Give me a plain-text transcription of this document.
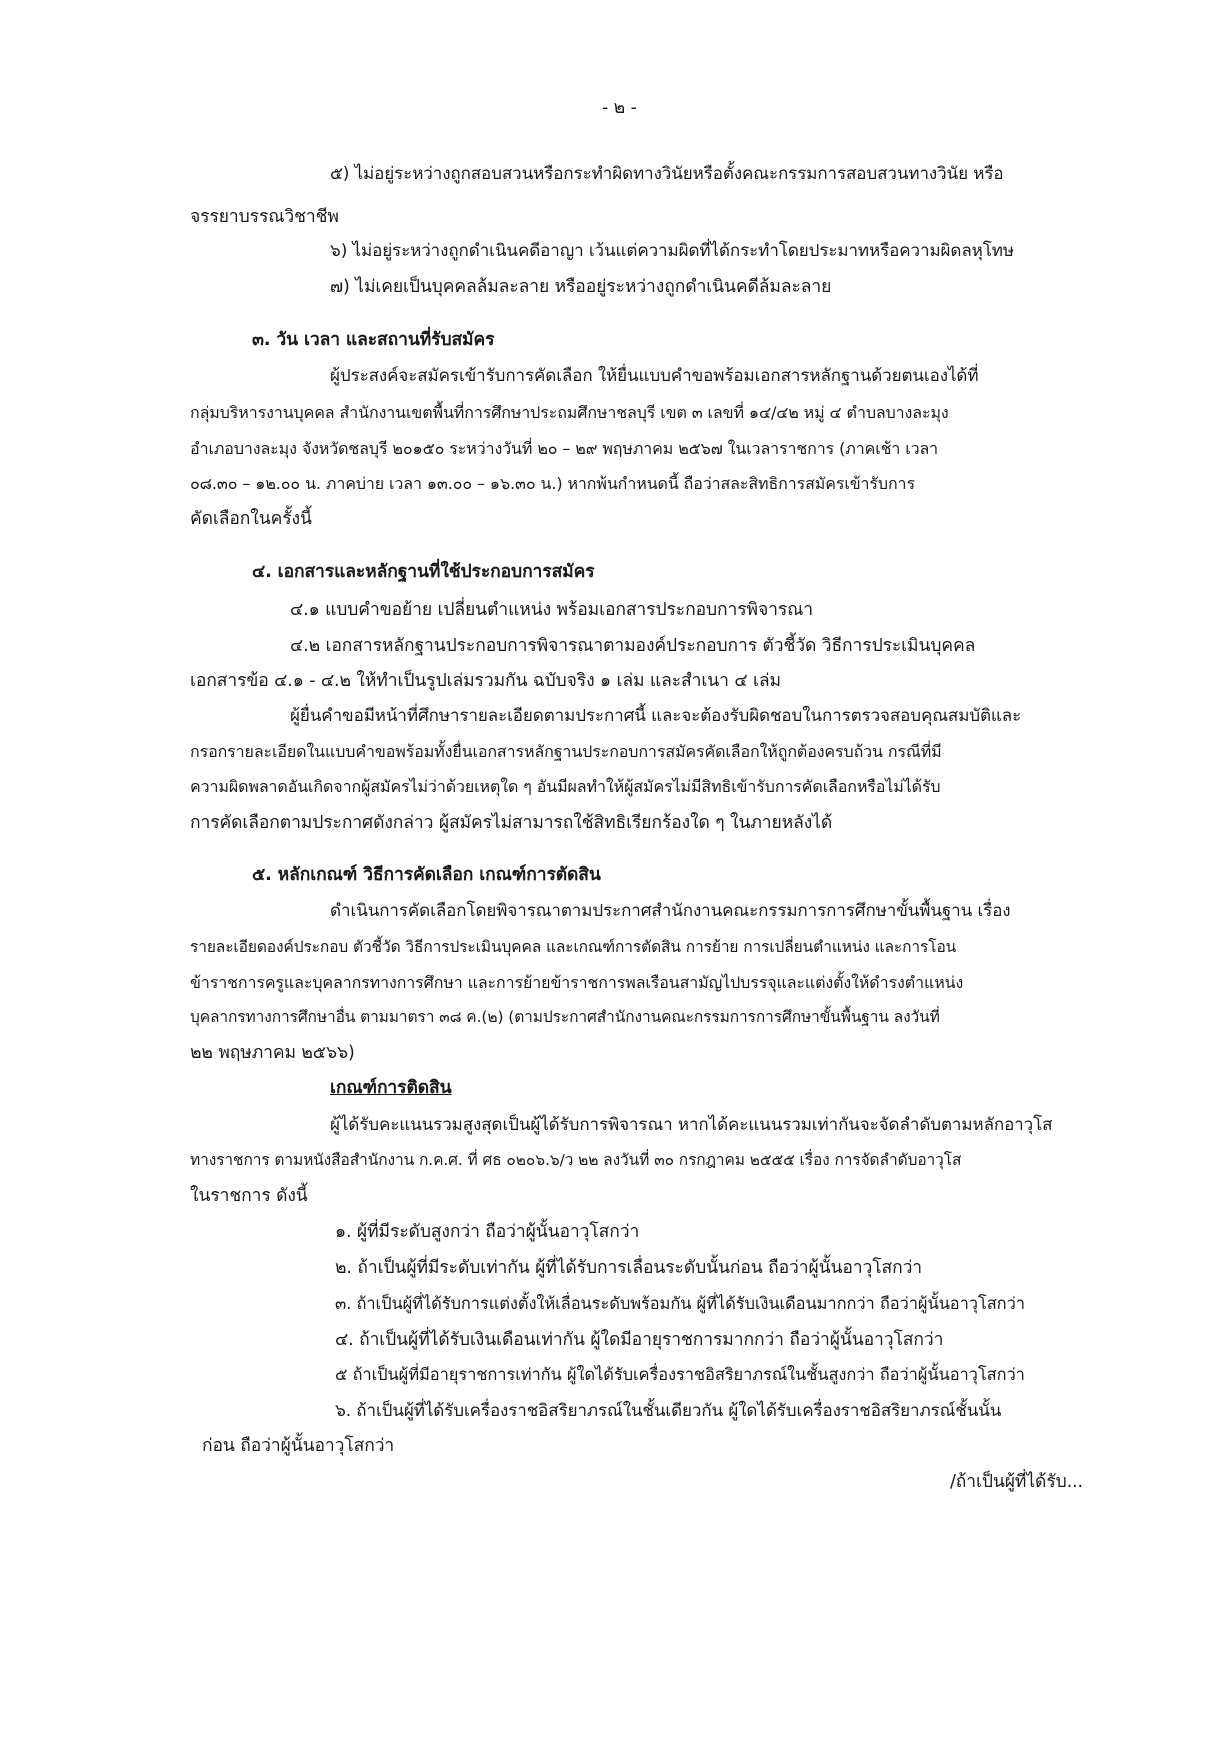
- ๒ -
๕) ไม่อยู่ระหว่างถูกสอบสวนหรือกระทำผิดทางวินัยหรือตั้งคณะกรรมการสอบสวนทางวินัย หรือ
จรรยาบรรณวิชาชีพ
๖) ไม่อยู่ระหว่างถูกดำเนินคดีอาญา เว้นแต่ความผิดที่ได้กระทำโดยประมาทหรือความผิดลหุโทษ
๗) ไม่เคยเป็นบุคคลล้มละลาย หรืออยู่ระหว่างถูกดำเนินคดีล้มละลาย
๓. วัน เวลา และสถานที่รับสมัคร
ผู้ประสงค์จะสมัครเข้ารับการคัดเลือก ให้ยื่นแบบคำขอพร้อมเอกสารหลักฐานด้วยตนเองได้ที่
กลุ่มบริหารงานบุคคล สำนักงานเขตพื้นที่การศึกษาประถมศึกษาชลบุรี เขต ๓ เลขที่ ๑๔/๔๒ หมู่ ๔ ตำบลบางละมุง
อำเภอบางละมุง จังหวัดชลบุรี ๒๐๑๕๐ ระหว่างวันที่ ๒๐ – ๒๙ พฤษภาคม ๒๕๖๗ ในเวลาราชการ (ภาคเช้า เวลา
๐๘.๓๐ – ๑๒.๐๐ น. ภาคบ่าย เวลา ๑๓.๐๐ – ๑๖.๓๐ น.) หากพ้นกำหนดนี้ ถือว่าสละสิทธิการสมัครเข้ารับการ
คัดเลือกในครั้งนี้
๔. เอกสารและหลักฐานที่ใช้ประกอบการสมัคร
๔.๑ แบบคำขอย้าย เปลี่ยนตำแหน่ง พร้อมเอกสารประกอบการพิจารณา
๔.๒ เอกสารหลักฐานประกอบการพิจารณาตามองค์ประกอบการ ตัวชี้วัด วิธีการประเมินบุคคล
เอกสารข้อ ๔.๑ - ๔.๒ ให้ทำเป็นรูปเล่มรวมกัน ฉบับจริง ๑ เล่ม และสำเนา ๔ เล่ม
ผู้ยื่นคำขอมีหน้าที่ศึกษารายละเอียดตามประกาศนี้ และจะต้องรับผิดชอบในการตรวจสอบคุณสมบัติและ
กรอกรายละเอียดในแบบคำขอพร้อมทั้งยื่นเอกสารหลักฐานประกอบการสมัครคัดเลือกให้ถูกต้องครบถ้วน กรณีที่มี
ความผิดพลาดอันเกิดจากผู้สมัครไม่ว่าด้วยเหตุใด ๆ อันมีผลทำให้ผู้สมัครไม่มีสิทธิเข้ารับการคัดเลือกหรือไม่ได้รับ
การคัดเลือกตามประกาศดังกล่าว ผู้สมัครไม่สามารถใช้สิทธิเรียกร้องใด ๆ ในภายหลังได้
๕. หลักเกณฑ์ วิธีการคัดเลือก เกณฑ์การตัดสิน
ดำเนินการคัดเลือกโดยพิจารณาตามประกาศสำนักงานคณะกรรมการการศึกษาขั้นพื้นฐาน เรื่อง
รายละเอียดองค์ประกอบ ตัวชี้วัด วิธีการประเมินบุคคล และเกณฑ์การตัดสิน การย้าย การเปลี่ยนตำแหน่ง และการโอน
ข้าราชการครูและบุคลากรทางการศึกษา และการย้ายข้าราชการพลเรือนสามัญไปบรรจุและแต่งตั้งให้ดำรงตำแหน่ง
บุคลากรทางการศึกษาอื่น ตามมาตรา ๓๘ ค.(๒) (ตามประกาศสำนักงานคณะกรรมการการศึกษาขั้นพื้นฐาน ลงวันที่
๒๒ พฤษภาคม ๒๕๖๖)
เกณฑ์การติดสิน
ผู้ได้รับคะแนนรวมสูงสุดเป็นผู้ได้รับการพิจารณา หากได้คะแนนรวมเท่ากันจะจัดลำดับตามหลักอาวุโส
ทางราชการ ตามหนังสือสำนักงาน ก.ค.ศ. ที่ ศธ ๐๒๐๖.๖/ว ๒๒ ลงวันที่ ๓๐ กรกฎาคม ๒๕๕๕ เรื่อง การจัดลำดับอาวุโส
ในราชการ ดังนี้
๑. ผู้ที่มีระดับสูงกว่า ถือว่าผู้นั้นอาวุโสกว่า
๒. ถ้าเป็นผู้ที่มีระดับเท่ากัน ผู้ที่ได้รับการเลื่อนระดับนั้นก่อน ถือว่าผู้นั้นอาวุโสกว่า
๓. ถ้าเป็นผู้ที่ได้รับการแต่งตั้งให้เลื่อนระดับพร้อมกัน ผู้ที่ได้รับเงินเดือนมากกว่า ถือว่าผู้นั้นอาวุโสกว่า
๔. ถ้าเป็นผู้ที่ได้รับเงินเดือนเท่ากัน ผู้ใดมีอายุราชการมากกว่า ถือว่าผู้นั้นอาวุโสกว่า
๕ ถ้าเป็นผู้ที่มีอายุราชการเท่ากัน ผู้ใดได้รับเครื่องราชอิสริยาภรณ์ในชั้นสูงกว่า ถือว่าผู้นั้นอาวุโสกว่า
๖. ถ้าเป็นผู้ที่ได้รับเครื่องราชอิสริยาภรณ์ในชั้นเดียวกัน ผู้ใดได้รับเครื่องราชอิสริยาภรณ์ชั้นนั้น
ก่อน ถือว่าผู้นั้นอาวุโสกว่า
/ถ้าเป็นผู้ที่ได้รับ...
